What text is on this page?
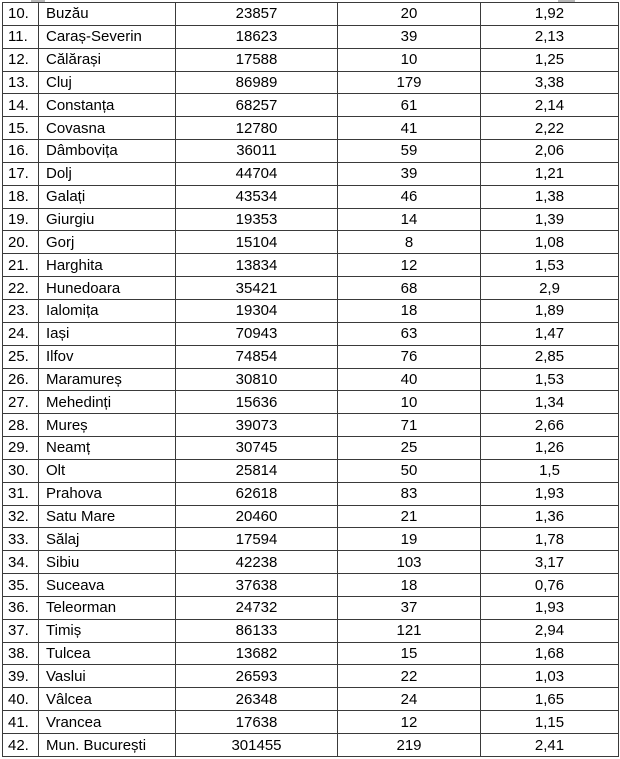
10.	Buzău	23857	20	1,92
11.	Caraș-Severin	18623	39	2,13
12.	Călărași	17588	10	1,25
13.	Cluj	86989	179	3,38
14.	Constanța	68257	61	2,14
15.	Covasna	12780	41	2,22
16.	Dâmbovița	36011	59	2,06
17.	Dolj	44704	39	1,21
18.	Galați	43534	46	1,38
19.	Giurgiu	19353	14	1,39
20.	Gorj	15104	8	1,08
21.	Harghita	13834	12	1,53
22.	Hunedoara	35421	68	2,9
23.	Ialomița	19304	18	1,89
24.	Iași	70943	63	1,47
25.	Ilfov	74854	76	2,85
26.	Maramureș	30810	40	1,53
27.	Mehedinți	15636	10	1,34
28.	Mureș	39073	71	2,66
29.	Neamț	30745	25	1,26
30.	Olt	25814	50	1,5
31.	Prahova	62618	83	1,93
32.	Satu Mare	20460	21	1,36
33.	Sălaj	17594	19	1,78
34.	Sibiu	42238	103	3,17
35.	Suceava	37638	18	0,76
36.	Teleorman	24732	37	1,93
37.	Timiș	86133	121	2,94
38.	Tulcea	13682	15	1,68
39.	Vaslui	26593	22	1,03
40.	Vâlcea	26348	24	1,65
41.	Vrancea	17638	12	1,15
42.	Mun. București	301455	219	2,41
